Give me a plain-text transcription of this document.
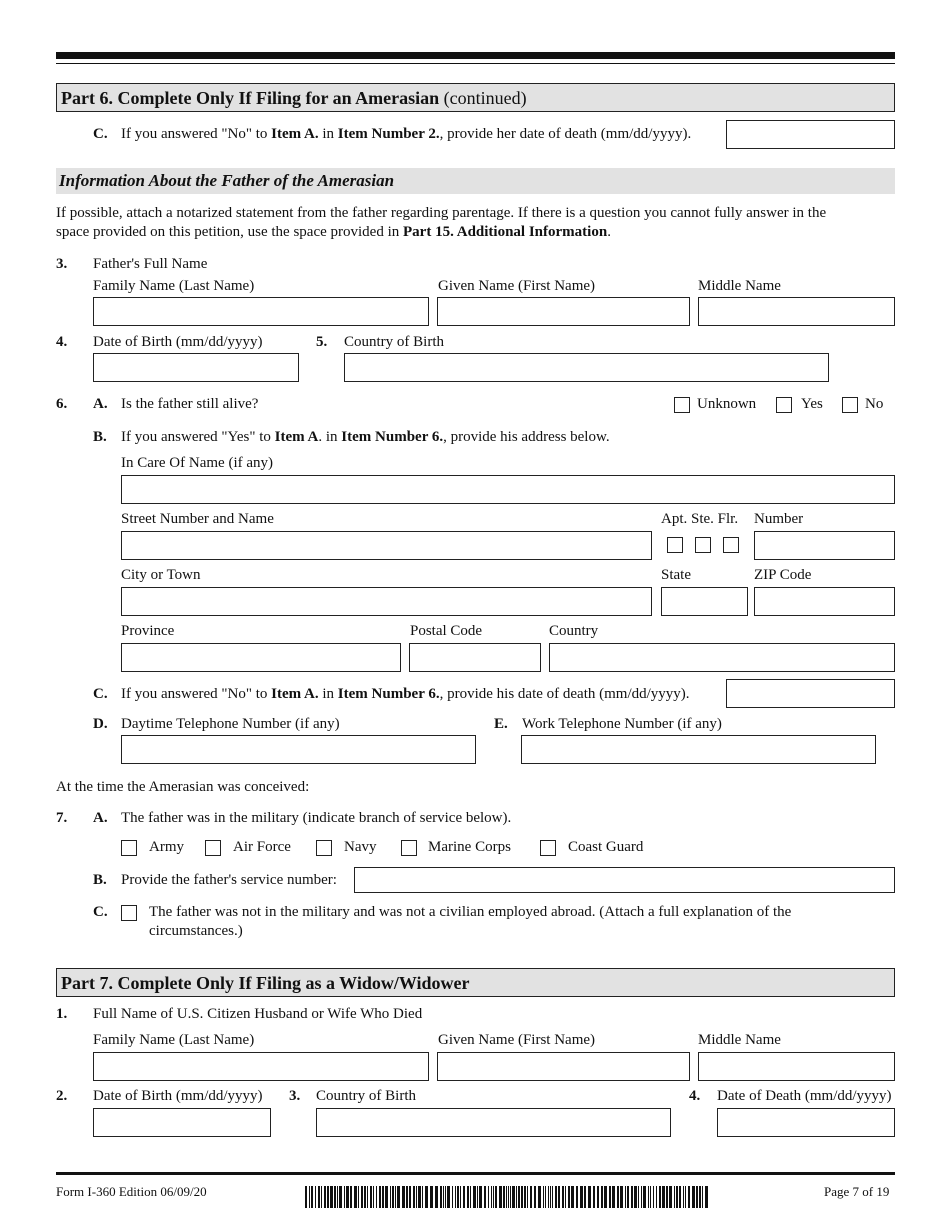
Part 6. Complete Only If Filing for an Amerasian (continued)
C. If you answered "No" to Item A. in Item Number 2., provide her date of death (mm/dd/yyyy).
Information About the Father of the Amerasian
If possible, attach a notarized statement from the father regarding parentage. If there is a question you cannot fully answer in the
space provided on this petition, use the space provided in Part 15. Additional Information.
3. Father's Full Name
Family Name (Last Name)	Given Name (First Name)	Middle Name
4. Date of Birth (mm/dd/yyyy)	5. Country of Birth
6. A. Is the father still alive?	Unknown	Yes	No
B. If you answered "Yes" to Item A. in Item Number 6., provide his address below.
In Care Of Name (if any)
Street Number and Name	Apt. Ste. Flr. Number
City or Town	State	ZIP Code
Province	Postal Code	Country
C. If you answered "No" to Item A. in Item Number 6., provide his date of death (mm/dd/yyyy).
D. Daytime Telephone Number (if any)	E. Work Telephone Number (if any)
At the time the Amerasian was conceived:
7. A. The father was in the military (indicate branch of service below).
Army	Air Force	Navy	Marine Corps	Coast Guard
B. Provide the father's service number:
C.	The father was not in the military and was not a civilian employed abroad. (Attach a full explanation of the
circumstances.)
Part 7. Complete Only If Filing as a Widow/Widower
1. Full Name of U.S. Citizen Husband or Wife Who Died
Family Name (Last Name)	Given Name (First Name)	Middle Name
2. Date of Birth (mm/dd/yyyy) 3. Country of Birth	4. Date of Death (mm/dd/yyyy)
Form I-360 Edition 06/09/20	Page 7 of 19
